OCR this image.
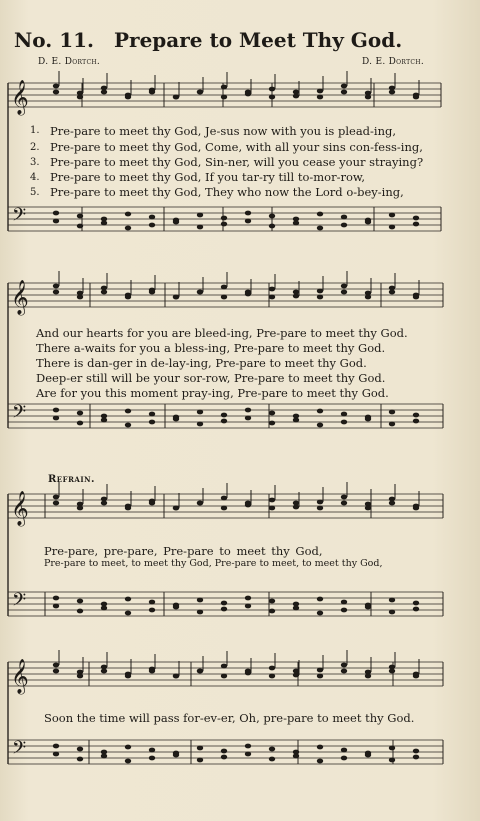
No. 11. Prepare to Meet Thy God.
D. E. Dortch.	D. E. Dortch.
𝄞
𝄢
𝄞
𝄢
𝄞
𝄢
𝄞
𝄢
1.
2.
3.
4.
5.
Pre-pare to meet thy God, Je-sus now with you is plead-ing,
Pre-pare to meet thy God, Come, with all your sins con-fess-ing,
Pre-pare to meet thy God, Sin-ner, will you cease your straying?
Pre-pare to meet thy God, If you tar-ry till to-mor-row,
Pre-pare to meet thy God, They who now the Lord o-bey-ing,
And our hearts for you are bleed-ing, Pre-pare to meet thy God.
There a-waits for you a bless-ing, Pre-pare to meet thy God.
There is dan-ger in de-lay-ing, Pre-pare to meet thy God.
Deep-er still will be your sor-row, Pre-pare to meet thy God.
Are for you this moment pray-ing, Pre-pare to meet thy God.
Refrain.
Pre-pare, pre-pare, Pre-pare to meet thy God,
Pre-pare to meet, to meet thy God, Pre-pare to meet, to meet thy God,
Soon the time will pass for-ev-er, Oh, pre-pare to meet thy God.
